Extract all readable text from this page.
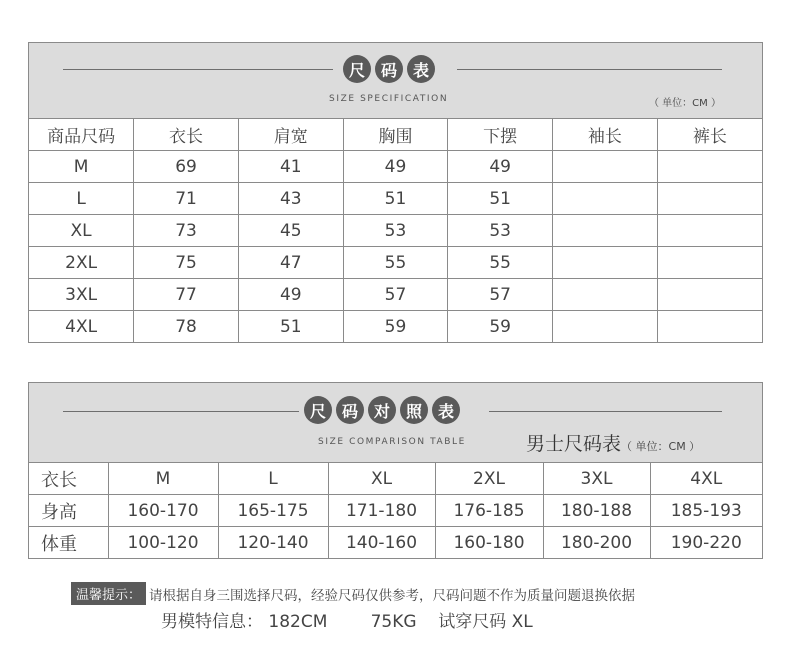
尺 码 表
SIZE SPECIFICATION	（ 单位：CM ）
商品尺码	衣长	肩宽	胸围	下摆	袖长	裤长
M	69	41	49	49		
L	71	43	51	51		
XL	73	45	53	53		
2XL	75	47	55	55		
3XL	77	49	57	57		
4XL	78	51	59	59		
尺 码 对 照 表
SIZE COMPARISON TABLE	男士尺码表（ 单位：CM ）
衣长	M	L	XL	2XL	3XL	4XL
身高	160-170	165-175	171-180	176-185	180-188	185-193
体重	100-120	120-140	140-160	160-180	180-200	190-220
温馨提示： 请根据自身三围选择尺码，经验尺码仅供参考，尺码问题不作为质量问题退换依据
男模特信息： 182CM        75KG    试穿尺码 XL
